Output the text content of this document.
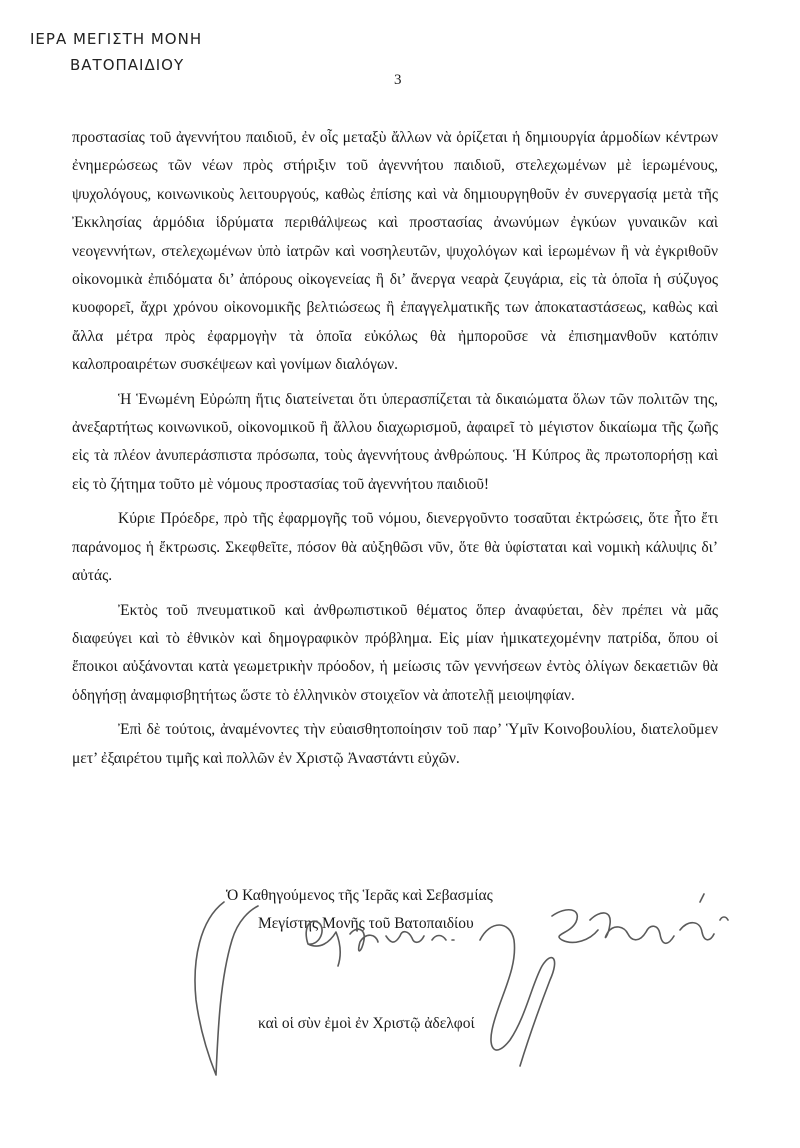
ΙΕΡΑ ΜΕΓΙΣΤΗ ΜΟΝΗ
ΒΑΤΟΠΑΙΔΙΟΥ
3

προστασίας τοῦ ἀγεννήτου παιδιοῦ, ἐν οἷς μεταξὺ ἄλλων νὰ ὁρίζεται ἡ δημιουργία ἁρμοδίων κέντρων ἐνημερώσεως τῶν νέων πρὸς στήριξιν τοῦ ἀγεννήτου παιδιοῦ, στελεχωμένων μὲ ἱερωμένους, ψυχολόγους, κοινωνικοὺς λειτουργούς, καθὼς ἐπίσης καὶ νὰ δημιουργηθοῦν ἐν συνεργασίᾳ μετὰ τῆς Ἐκκλησίας ἁρμόδια ἱδρύματα περιθάλψεως καὶ προστασίας ἀνωνύμων ἐγκύων γυναικῶν καὶ νεογεννήτων, στελεχωμένων ὑπὸ ἰατρῶν καὶ νοσηλευτῶν, ψυχολόγων καὶ ἱερωμένων ἢ νὰ ἐγκριθοῦν οἰκονομικὰ ἐπιδόματα δι’ ἀπόρους οἰκογενείας ἢ δι’ ἄνεργα νεαρὰ ζευγάρια, εἰς τὰ ὁποῖα ἡ σύζυγος κυοφορεῖ, ἄχρι χρόνου οἰκονομικῆς βελτιώσεως ἢ ἐπαγγελματικῆς των ἀποκαταστάσεως, καθὼς καὶ ἄλλα μέτρα πρὸς ἐφαρμογὴν τὰ ὁποῖα εὐκόλως θὰ ἠμποροῦσε νὰ ἐπισημανθοῦν κατόπιν καλοπροαιρέτων συσκέψεων καὶ γονίμων διαλόγων.

Ἡ Ἑνωμένη Εὐρώπη ἥτις διατείνεται ὅτι ὑπερασπίζεται τὰ δικαιώματα ὅλων τῶν πολιτῶν της, ἀνεξαρτήτως κοινωνικοῦ, οἰκονομικοῦ ἢ ἄλλου διαχωρισμοῦ, ἀφαιρεῖ τὸ μέγιστον δικαίωμα τῆς ζωῆς εἰς τὰ πλέον ἀνυπεράσπιστα πρόσωπα, τοὺς ἀγεννήτους ἀνθρώπους. Ἡ Κύπρος ἂς πρωτοπορήσῃ καὶ εἰς τὸ ζήτημα τοῦτο μὲ νόμους προστασίας τοῦ ἀγεννήτου παιδιοῦ!

Κύριε Πρόεδρε, πρὸ τῆς ἐφαρμογῆς τοῦ νόμου, διενεργοῦντο τοσαῦται ἐκτρώσεις, ὅτε ἦτο ἔτι παράνομος ἡ ἔκτρωσις. Σκεφθεῖτε, πόσον θὰ αὐξηθῶσι νῦν, ὅτε θὰ ὑφίσταται καὶ νομικὴ κάλυψις δι’ αὐτάς.

Ἐκτὸς τοῦ πνευματικοῦ καὶ ἀνθρωπιστικοῦ θέματος ὅπερ ἀναφύεται, δὲν πρέπει νὰ μᾶς διαφεύγει καὶ τὸ ἐθνικὸν καὶ δημογραφικὸν πρόβλημα. Εἰς μίαν ἡμικατεχομένην πατρίδα, ὅπου οἱ ἔποικοι αὐξάνονται κατὰ γεωμετρικὴν πρόοδον, ἡ μείωσις τῶν γεννήσεων ἐντὸς ὀλίγων δεκαετιῶν θὰ ὁδηγήσῃ ἀναμφισβητήτως ὥστε τὸ ἑλληνικὸν στοιχεῖον νὰ ἀποτελῇ μειοψηφίαν.

Ἐπὶ δὲ τούτοις, ἀναμένοντες τὴν εὐαισθητοποίησιν τοῦ παρ’ Ὑμῖν Κοινοβουλίου, διατελοῦμεν μετ’ ἐξαιρέτου τιμῆς καὶ πολλῶν ἐν Χριστῷ Ἀναστάντι εὐχῶν.

Ὁ Καθηγούμενος τῆς Ἱερᾶς καὶ Σεβασμίας
Μεγίστης Μονῆς τοῦ Βατοπαιδίου
καὶ οἱ σὺν ἐμοὶ ἐν Χριστῷ ἀδελφοί
